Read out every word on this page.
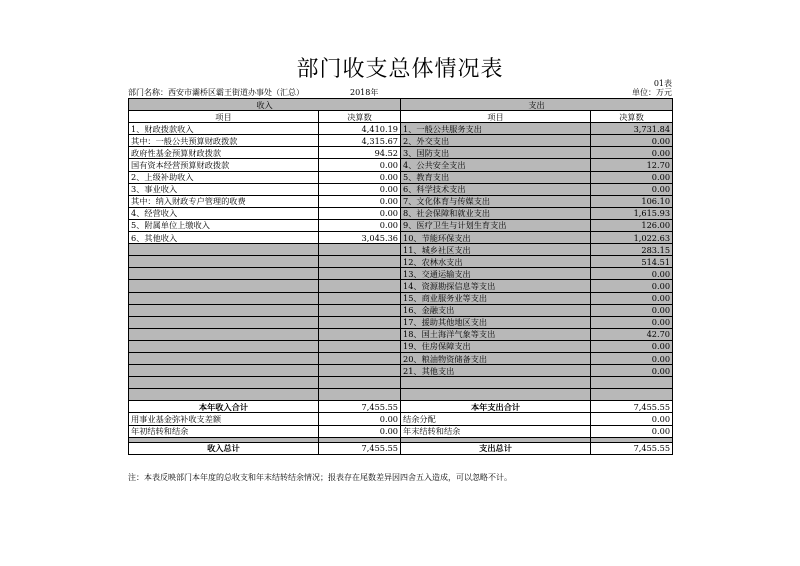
部门收支总体情况表
01表
部门名称：西安市灞桥区霸王街道办事处（汇总）	2018年	单位：万元
收入		支出	
项目	决算数	项目	决算数
1、财政拨款收入	4,410.19	1、一般公共服务支出	3,731.84
其中：一般公共预算财政拨款	4,315.67	2、外交支出	0.00
政府性基金预算财政拨款	94.52	3、国防支出	0.00
国有资本经营预算财政拨款	0.00	4、公共安全支出	12.70
2、上级补助收入	0.00	5、教育支出	0.00
3、事业收入	0.00	6、科学技术支出	0.00
其中：纳入财政专户管理的收费	0.00	7、文化体育与传媒支出	106.10
4、经营收入	0.00	8、社会保障和就业支出	1,615.93
5、附属单位上缴收入	0.00	9、医疗卫生与计划生育支出	126.00
6、其他收入	3,045.36	10、节能环保支出	1,022.63
		11、城乡社区支出	283.15
		12、农林水支出	514.51
		13、交通运输支出	0.00
		14、资源勘探信息等支出	0.00
		15、商业服务业等支出	0.00
		16、金融支出	0.00
		17、援助其他地区支出	0.00
		18、国土海洋气象等支出	42.70
		19、住房保障支出	0.00
		20、粮油物资储备支出	0.00
		21、其他支出	0.00

本年收入合计	7,455.55	本年支出合计	7,455.55
用事业基金弥补收支差额	0.00	结余分配	0.00
年初结转和结余	0.00	年末结转和结余	0.00

收入总计	7,455.55	支出总计	7,455.55
注：本表反映部门本年度的总收支和年末结转结余情况；报表存在尾数差异因四舍五入造成，可以忽略不计。
